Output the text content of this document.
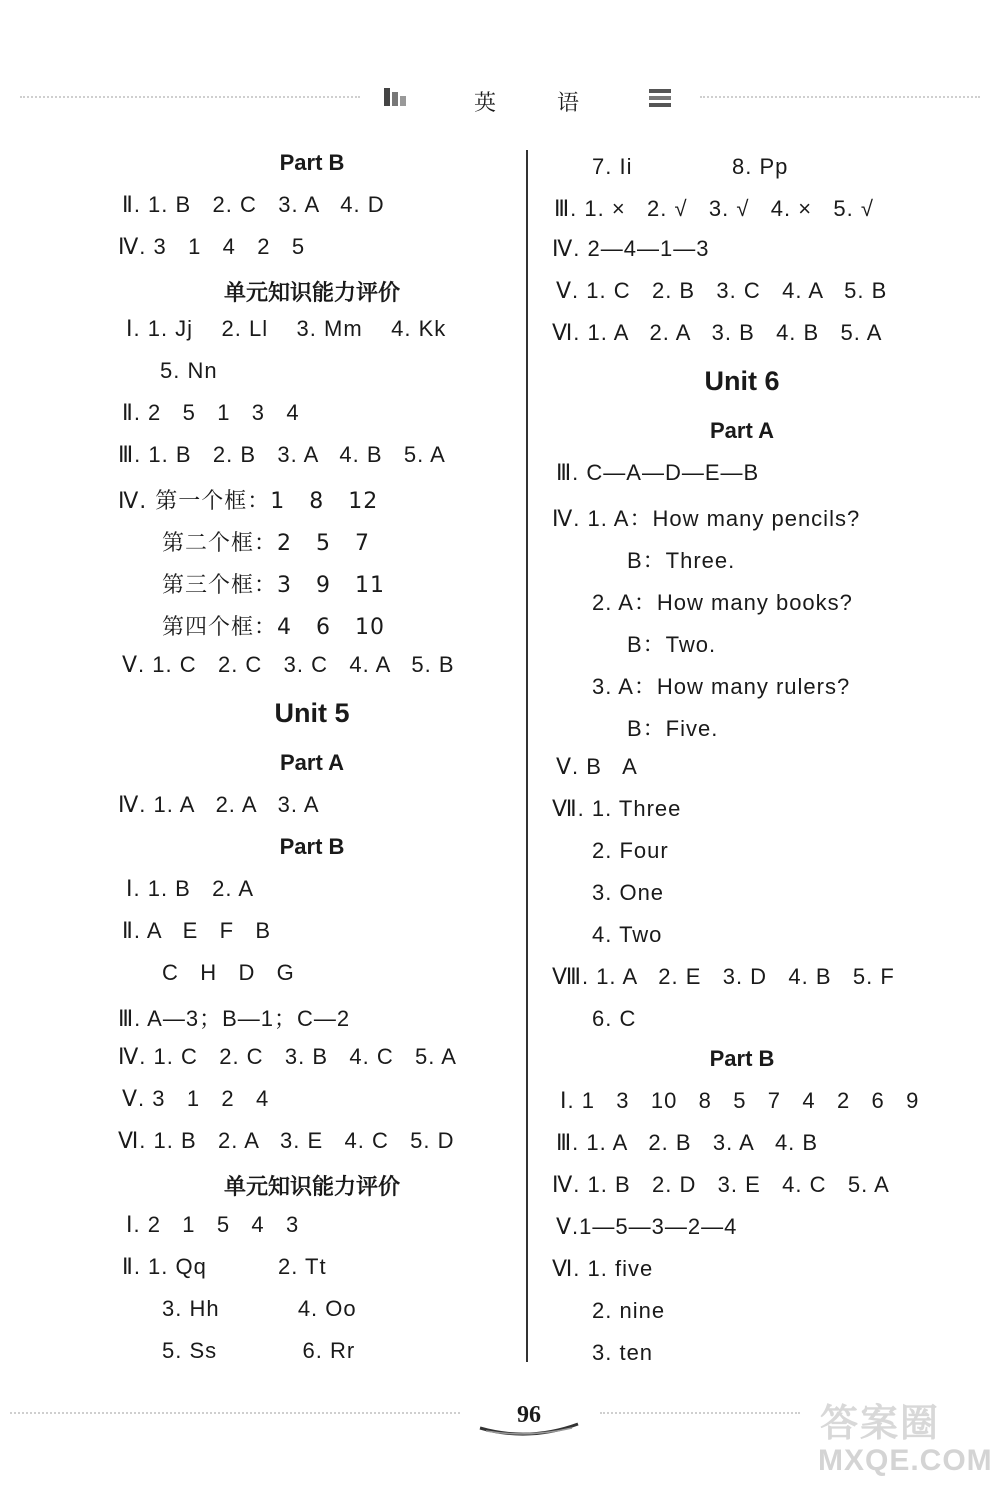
英	语
Part B
Ⅱ. 1. B   2. C   3. A   4. D
Ⅳ. 3   1   4   2   5
单元知识能力评价
Ⅰ. 1. Jj    2. Ll    3. Mm    4. Kk
5. Nn
Ⅱ. 2   5   1   3   4
Ⅲ. 1. B   2. B   3. A   4. B   5. A
Ⅳ. 第一个框：1   8   12
第二个框：2   5   7
第三个框：3   9   11
第四个框：4   6   10
Ⅴ. 1. C   2. C   3. C   4. A   5. B
Unit 5
Part A
Ⅳ. 1. A   2. A   3. A
Part B
Ⅰ. 1. B   2. A
Ⅱ. A   E   F   B
C   H   D   G
Ⅲ. A—3；B—1；C—2
Ⅳ. 1. C   2. C   3. B   4. C   5. A
Ⅴ. 3   1   2   4
Ⅵ. 1. B   2. A   3. E   4. C   5. D
单元知识能力评价
Ⅰ. 2   1   5   4   3
Ⅱ. 1. Qq          2. Tt
3. Hh           4. Oo
5. Ss            6. Rr
7. Ii              8. Pp
Ⅲ. 1. ×   2. √   3. √   4. ×   5. √
Ⅳ. 2—4—1—3
Ⅴ. 1. C   2. B   3. C   4. A   5. B
Ⅵ. 1. A   2. A   3. B   4. B   5. A
Unit 6
Part A
Ⅲ. C—A—D—E—B
Ⅳ. 1. A：How many pencils?
B：Three.
2. A：How many books?
B：Two.
3. A：How many rulers?
B：Five.
Ⅴ. B   A
Ⅶ. 1. Three
2. Four
3. One
4. Two
Ⅷ. 1. A   2. E   3. D   4. B   5. F
6. C
Part B
Ⅰ. 1   3   10   8   5   7   4   2   6   9
Ⅲ. 1. A   2. B   3. A   4. B
Ⅳ. 1. B   2. D   3. E   4. C   5. A
Ⅴ.1—5—3—2—4
Ⅵ. 1. five
2. nine
3. ten
96	答案圈
MXQE.COM
